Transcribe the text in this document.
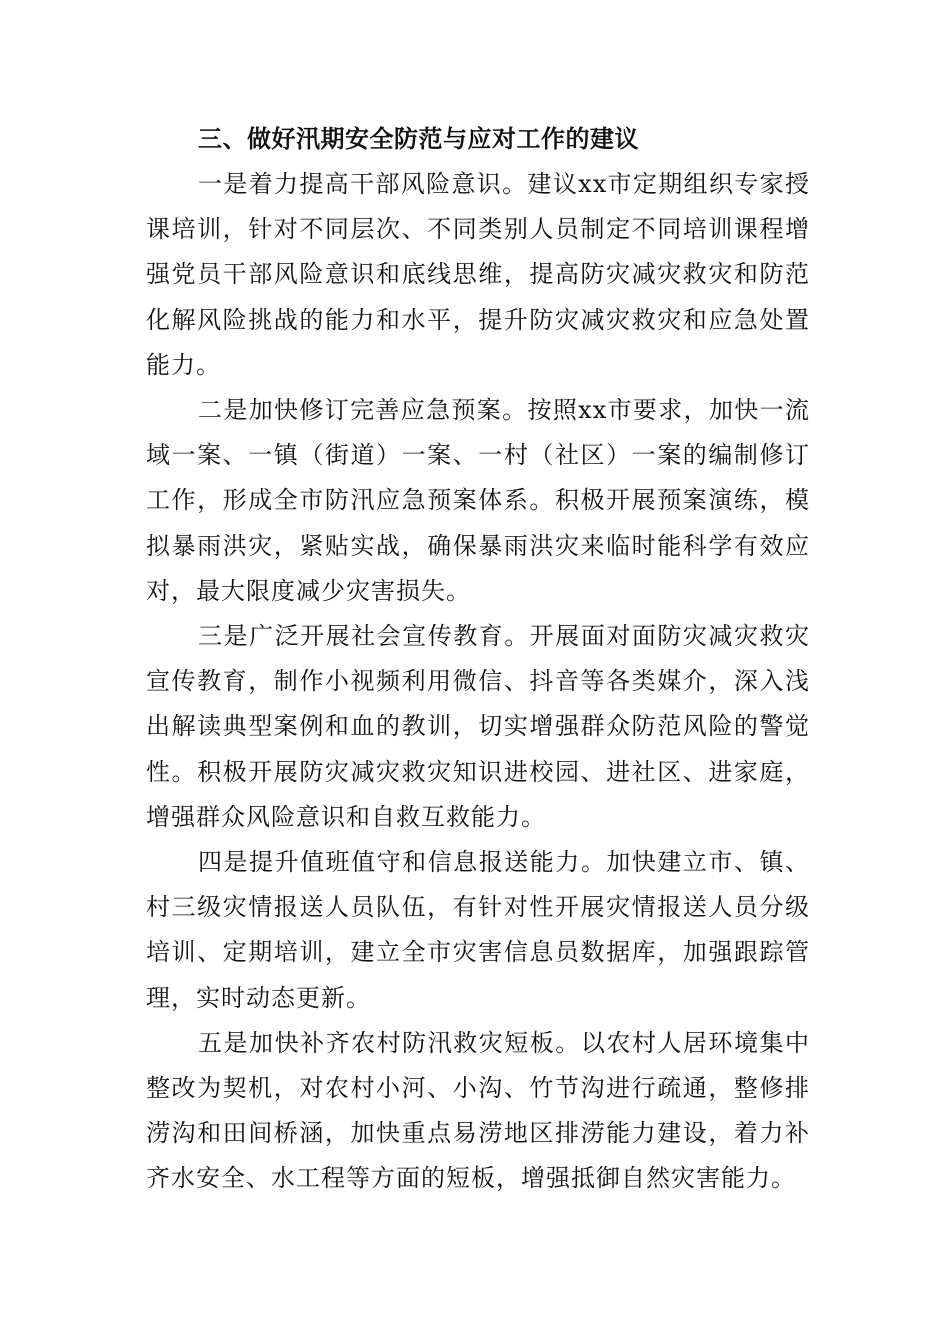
三、做好汛期安全防范与应对工作的建议

一是着力提高干部风险意识。建议xx市定期组织专家授课培训，针对不同层次、不同类别人员制定不同培训课程增强党员干部风险意识和底线思维，提高防灾减灾救灾和防范化解风险挑战的能力和水平，提升防灾减灾救灾和应急处置能力。

二是加快修订完善应急预案。按照xx市要求，加快一流域一案、一镇（街道）一案、一村（社区）一案的编制修订工作，形成全市防汛应急预案体系。积极开展预案演练，模拟暴雨洪灾，紧贴实战，确保暴雨洪灾来临时能科学有效应对，最大限度减少灾害损失。

三是广泛开展社会宣传教育。开展面对面防灾减灾救灾宣传教育，制作小视频利用微信、抖音等各类媒介，深入浅出解读典型案例和血的教训，切实增强群众防范风险的警觉性。积极开展防灾减灾救灾知识进校园、进社区、进家庭，增强群众风险意识和自救互救能力。

四是提升值班值守和信息报送能力。加快建立市、镇、村三级灾情报送人员队伍，有针对性开展灾情报送人员分级培训、定期培训，建立全市灾害信息员数据库，加强跟踪管理，实时动态更新。

五是加快补齐农村防汛救灾短板。以农村人居环境集中整改为契机，对农村小河、小沟、竹节沟进行疏通，整修排涝沟和田间桥涵，加快重点易涝地区排涝能力建设，着力补齐水安全、水工程等方面的短板，增强抵御自然灾害能力。
